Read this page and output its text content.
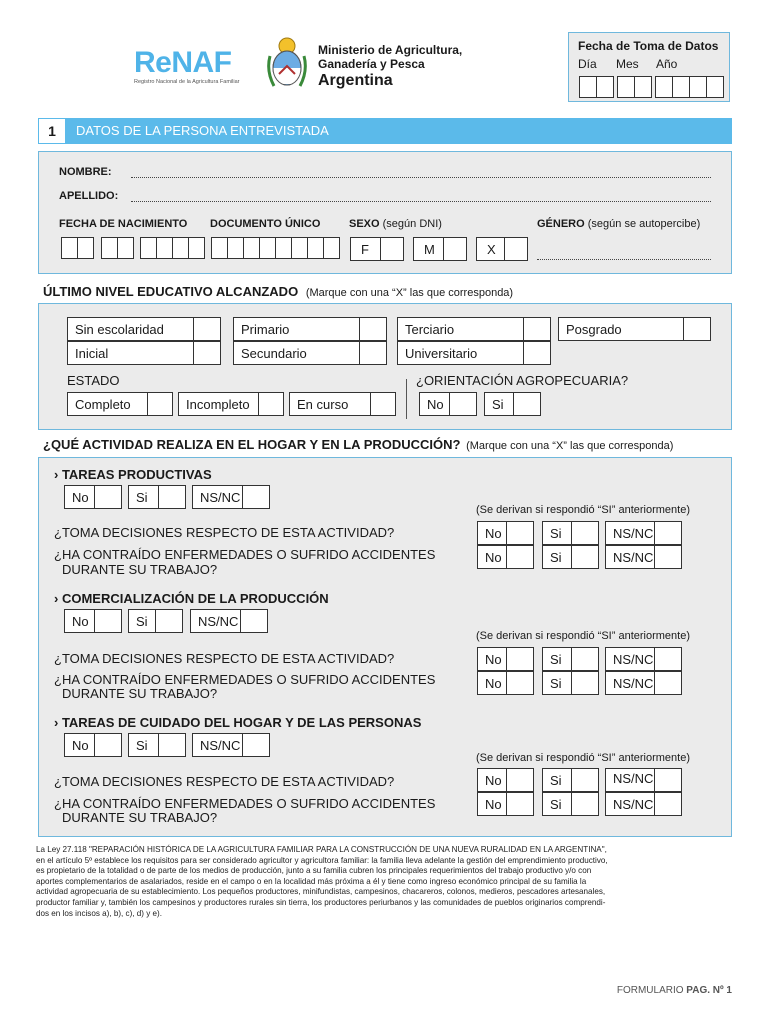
ReNAF
Registro Nacional de la Agricultura Familiar
Ministerio de Agricultura,
Ganadería y Pesca
Argentina
Fecha de Toma de Datos
Día Mes Año
1	DATOS DE LA PERSONA ENTREVISTADA
NOMBRE:
APELLIDO:
FECHA DE NACIMIENTO DOCUMENTO ÚNICO	SEXO (según DNI)	GÉNERO (según se autopercibe)
F	M	X
ÚLTIMO NIVEL EDUCATIVO ALCANZADO (Marque con una “X” las que corresponda)
Sin escolaridad	Primario	Terciario	Posgrado
Inicial	Secundario	Universitario
ESTADO
Completo	Incompleto	En curso
¿ORIENTACIÓN AGROPECUARIA?
No	Si
¿QUÉ ACTIVIDAD REALIZA EN EL HOGAR Y EN LA PRODUCCIÓN? (Marque con una “X” las que corresponda)
› TAREAS PRODUCTIVAS
No	Si	NS/NC
(Se derivan si respondió “SI” anteriormente)
¿TOMA DECISIONES RESPECTO DE ESTA ACTIVIDAD?
¿HA CONTRAÍDO ENFERMEDADES O SUFRIDO ACCIDENTES
DURANTE SU TRABAJO?
No	Si	NS/NC
No	Si	NS/NC
› COMERCIALIZACIÓN DE LA PRODUCCIÓN
No	Si	NS/NC
(Se derivan si respondió “SI” anteriormente)
¿TOMA DECISIONES RESPECTO DE ESTA ACTIVIDAD?
¿HA CONTRAÍDO ENFERMEDADES O SUFRIDO ACCIDENTES
DURANTE SU TRABAJO?
No	Si	NS/NC
No	Si	NS/NC
› TAREAS DE CUIDADO DEL HOGAR Y DE LAS PERSONAS
No	Si	NS/NC
(Se derivan si respondió “SI” anteriormente)
¿TOMA DECISIONES RESPECTO DE ESTA ACTIVIDAD?
¿HA CONTRAÍDO ENFERMEDADES O SUFRIDO ACCIDENTES
DURANTE SU TRABAJO?
No	Si	NS/NC
No	Si	NS/NC
La Ley 27.118 "REPARACIÓN HISTÓRICA DE LA AGRICULTURA FAMILIAR PARA LA CONSTRUCCIÓN DE UNA NUEVA RURALIDAD EN LA ARGENTINA",
en el artículo 5º establece los requisitos para ser considerado agricultor y agricultora familiar: la familia lleva adelante la gestión del emprendimiento productivo,
es propietario de la totalidad o de parte de los medios de producción, junto a su familia cubren los principales requerimientos del trabajo productivo y/o con
aportes complementarios de asalariados, reside en el campo o en la localidad más próxima a él y tiene como ingreso económico principal de su familia la
actividad agropecuaria de su establecimiento. Los pequeños productores, minifundistas, campesinos, chacareros, colonos, medieros, pescadores artesanales,
productor familiar y, también los campesinos y productores rurales sin tierra, los productores periurbanos y las comunidades de pueblos originarios comprendi-
dos en los incisos a), b), c), d) y e).
FORMULARIO PAG. Nº 1
